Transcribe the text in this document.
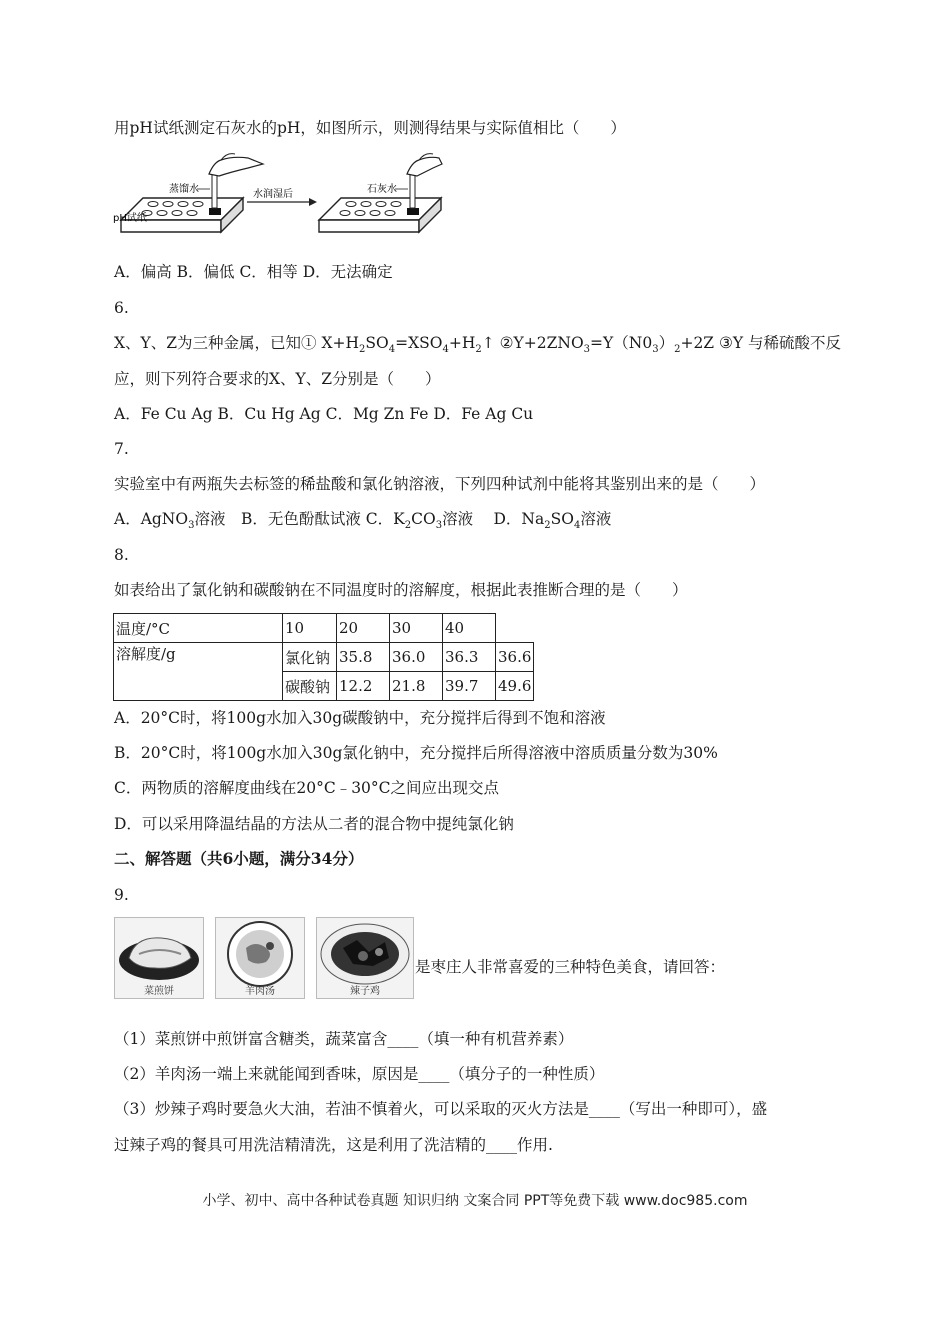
用pH试纸测定石灰水的pH，如图所示，则测得结果与实际值相比（　　）
蒸馏水
pH试纸
水润湿后	石灰水
A．偏高 B．偏低 C．相等 D．无法确定
6.
X、Y、Z为三种金属，已知① $X+H_2SO_4=XSO_4+H_2↑$ $②Y+2ZNO_3=Y(N0_3)_2+2Z$ ③Y 与稀硫酸不反
应，则下列符合要求的X、Y、Z分别是（　　）
A．Fe Cu Ag B．Cu Hg Ag C．Mg Zn Fe D．Fe Ag Cu
7.
实验室中有两瓶失去标签的稀盐酸和氯化钠溶液，下列四种试剂中能将其鉴别出来的是（　　）
A．AgNO$_3$溶液　B．无色酚酞试液 C．$K_2CO_3$溶液　 D．$Na_2SO_4$溶液
8.
如表给出了氯化钠和碳酸钠在不同温度时的溶解度，根据此表推断合理的是（　　）
温度/°C	10	20	30	40	
溶解度/g	氯化钠	35.8	36.0	36.3	36.6
	碳酸钠	12.2	21.8	39.7	49.6
A．20°C时，将100g水加入30g碳酸钠中，充分搅拌后得到不饱和溶液
B．20°C时，将100g水加入30g氯化钠中，充分搅拌后所得溶液中溶质质量分数为30%
C．两物质的溶解度曲线在20°C﹣30°C之间应出现交点
D．可以采用降温结晶的方法从二者的混合物中提纯氯化钠
二、解答题（共6小题，满分34分）
9.
菜煎饼	羊肉汤	辣子鸡
是枣庄人非常喜爱的三种特色美食，请回答：
（1）菜煎饼中煎饼富含糖类，蔬菜富含____（填一种有机营养素）
（2）羊肉汤一端上来就能闻到香味，原因是____（填分子的一种性质）
（3）炒辣子鸡时要急火大油，若油不慎着火，可以采取的灭火方法是____（写出一种即可），盛
过辣子鸡的餐具可用洗洁精清洗，这是利用了洗洁精的____作用.
小学、初中、高中各种试卷真题 知识归纳 文案合同 PPT等免费下载 www.doc985.com
